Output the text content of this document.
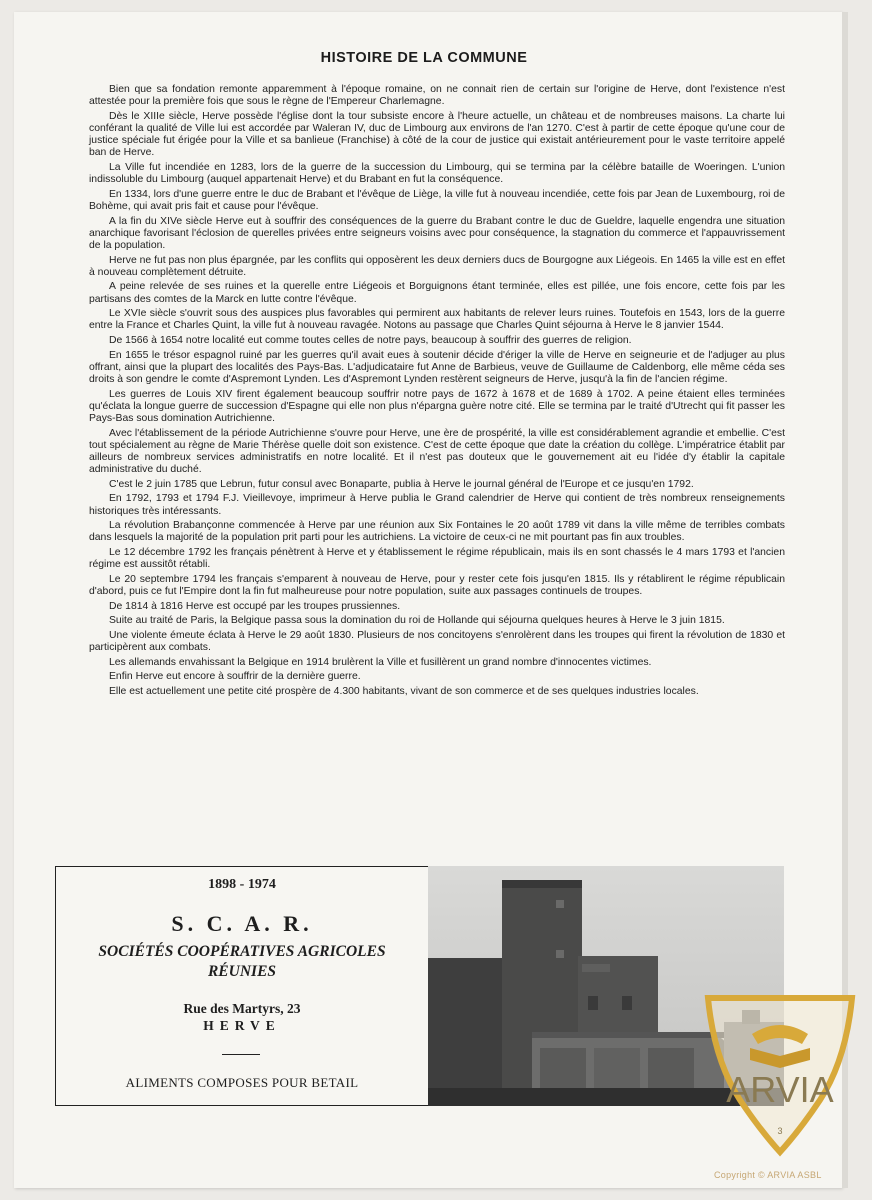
HISTOIRE DE LA COMMUNE

Bien que sa fondation remonte apparemment à l'époque romaine, on ne connait rien de certain sur l'origine de Herve, dont l'existence n'est attestée pour la première fois que sous le règne de l'Empereur Charlemagne.

Dès le XIIIe siècle, Herve possède l'église dont la tour subsiste encore à l'heure actuelle, un château et de nombreuses maisons. La charte lui conférant la qualité de Ville lui est accordée par Waleran IV, duc de Limbourg aux environs de l'an 1270. C'est à partir de cette époque qu'une cour de justice spéciale fut érigée pour la Ville et sa banlieue (Franchise) à côté de la cour de justice qui existait antérieurement pour le vaste territoire appelé ban de Herve.

La Ville fut incendiée en 1283, lors de la guerre de la succession du Limbourg, qui se termina par la célèbre bataille de Woeringen. L'union indissoluble du Limbourg (auquel appartenait Herve) et du Brabant en fut la conséquence.

En 1334, lors d'une guerre entre le duc de Brabant et l'évêque de Liège, la ville fut à nouveau incendiée, cette fois par Jean de Luxembourg, roi de Bohème, qui avait pris fait et cause pour l'évêque.

A la fin du XIVe siècle Herve eut à souffrir des conséquences de la guerre du Brabant contre le duc de Gueldre, laquelle engendra une situation anarchique favorisant l'éclosion de querelles privées entre seigneurs voisins avec pour conséquence, la stagnation du commerce et l'appauvrissement de la population.

Herve ne fut pas non plus épargnée, par les conflits qui opposèrent les deux derniers ducs de Bourgogne aux Liégeois. En 1465 la ville est en effet à nouveau complètement détruite.

A peine relevée de ses ruines et la querelle entre Liégeois et Borguignons étant terminée, elles est pillée, une fois encore, cette fois par les partisans des comtes de la Marck en lutte contre l'évêque.

Le XVIe siècle s'ouvrit sous des auspices plus favorables qui permirent aux habitants de relever leurs ruines. Toutefois en 1543, lors de la guerre entre la France et Charles Quint, la ville fut à nouveau ravagée. Notons au passage que Charles Quint séjourna à Herve le 8 janvier 1544.

De 1566 à 1654 notre localité eut comme toutes celles de notre pays, beaucoup à souffrir des guerres de religion.

En 1655 le trésor espagnol ruiné par les guerres qu'il avait eues à soutenir décide d'ériger la ville de Herve en seigneurie et de l'adjuger au plus offrant, ainsi que la plupart des localités des Pays-Bas. L'adjudicataire fut Anne de Barbieus, veuve de Guillaume de Caldenborg, elle même céda ses droits à son gendre le comte d'Aspremont Lynden. Les d'Aspremont Lynden restèrent seigneurs de Herve, jusqu'à la fin de l'ancien régime.

Les guerres de Louis XIV firent également beaucoup souffrir notre pays de 1672 à 1678 et de 1689 à 1702. A peine étaient elles terminées qu'éclata la longue guerre de succession d'Espagne qui elle non plus n'épargna guère notre cité. Elle se termina par le traité d'Utrecht qui fit passer les Pays-Bas sous domination Autrichienne.

Avec l'établissement de la période Autrichienne s'ouvre pour Herve, une ère de prospérité, la ville est considérablement agrandie et embellie. C'est tout spécialement au règne de Marie Thérèse quelle doit son existence. C'est de cette époque que date la création du collège. L'impératrice établit par ailleurs de nombreux services administratifs en notre localité. Et il n'est pas douteux que le gouvernement ait eu l'idée d'y établir la capitale administrative du duché.

C'est le 2 juin 1785 que Lebrun, futur consul avec Bonaparte, publia à Herve le journal général de l'Europe et ce jusqu'en 1792.

En 1792, 1793 et 1794 F.J. Vieillevoye, imprimeur à Herve publia le Grand calendrier de Herve qui contient de très nombreux renseignements historiques très intéressants.

La révolution Brabançonne commencée à Herve par une réunion aux Six Fontaines le 20 août 1789 vit dans la ville même de terribles combats dans lesquels la majorité de la population prit parti pour les autrichiens. La victoire de ceux-ci ne mit pourtant pas fin aux troubles.

Le 12 décembre 1792 les français pénètrent à Herve et y établissement le régime républicain, mais ils en sont chassés le 4 mars 1793 et l'ancien régime est aussitôt rétabli.

Le 20 septembre 1794 les français s'emparent à nouveau de Herve, pour y rester cete fois jusqu'en 1815. Ils y rétablirent le régime républicain d'abord, puis ce fut l'Empire dont la fin fut malheureuse pour notre population, suite aux passages continuels de troupes.

De 1814 à 1816 Herve est occupé par les troupes prussiennes.

Suite au traité de Paris, la Belgique passa sous la domination du roi de Hollande qui séjourna quelques heures à Herve le 3 juin 1815.

Une violente émeute éclata à Herve le 29 août 1830. Plusieurs de nos concitoyens s'enrolèrent dans les troupes qui firent la révolution de 1830 et participèrent aux combats.

Les allemands envahissant la Belgique en 1914 brulèrent la Ville et fusillèrent un grand nombre d'innocentes victimes.

Enfin Herve eut encore à souffrir de la dernière guerre.

Elle est actuellement une petite cité prospère de 4.300 habitants, vivant de son commerce et de ses quelques industries locales.

1898 - 1974
S. C. A. R.
SOCIÉTÉS COOPÉRATIVES AGRICOLES
RÉUNIES
Rue des Martyrs, 23
HERVE
ALIMENTS COMPOSES POUR BETAIL	ARVIA
3
Copyright © ARVIA ASBL
